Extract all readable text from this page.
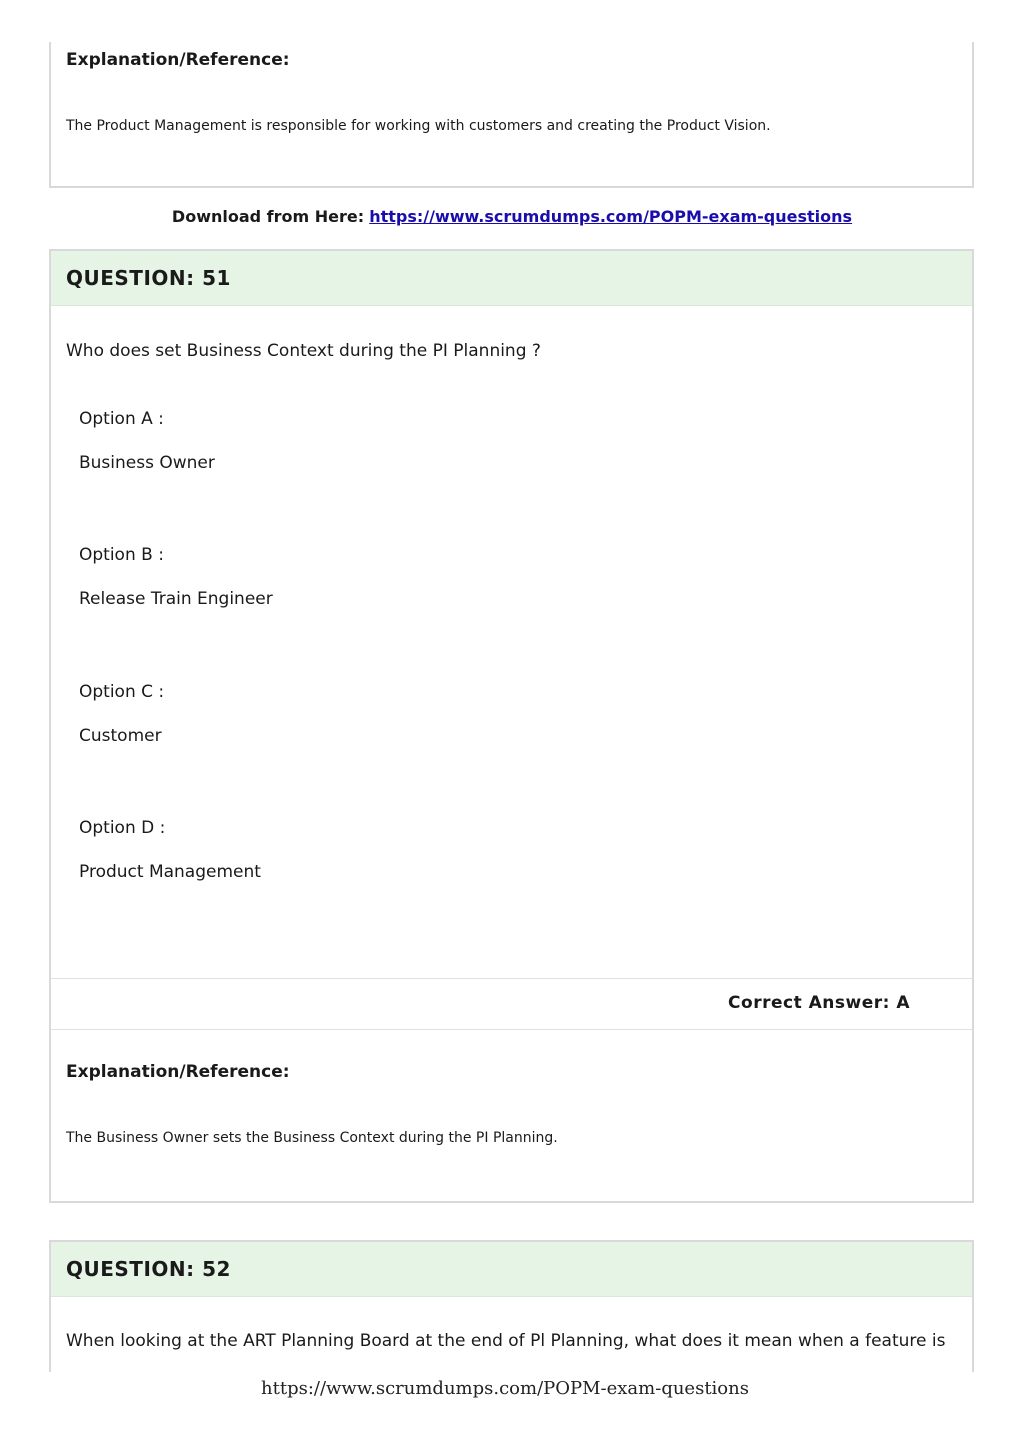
Explanation/Reference:
The Product Management is responsible for working with customers and creating the Product Vision.
Download from Here: https://www.scrumdumps.com/POPM-exam-questions
QUESTION: 51
Who does set Business Context during the PI Planning ?
Option A :
Business Owner
Option B :
Release Train Engineer
Option C :
Customer
Option D :
Product Management
Correct Answer: A
Explanation/Reference:
The Business Owner sets the Business Context during the PI Planning.
QUESTION: 52
When looking at the ART Planning Board at the end of Pl Planning, what does it mean when a feature is
https://www.scrumdumps.com/POPM-exam-questions
